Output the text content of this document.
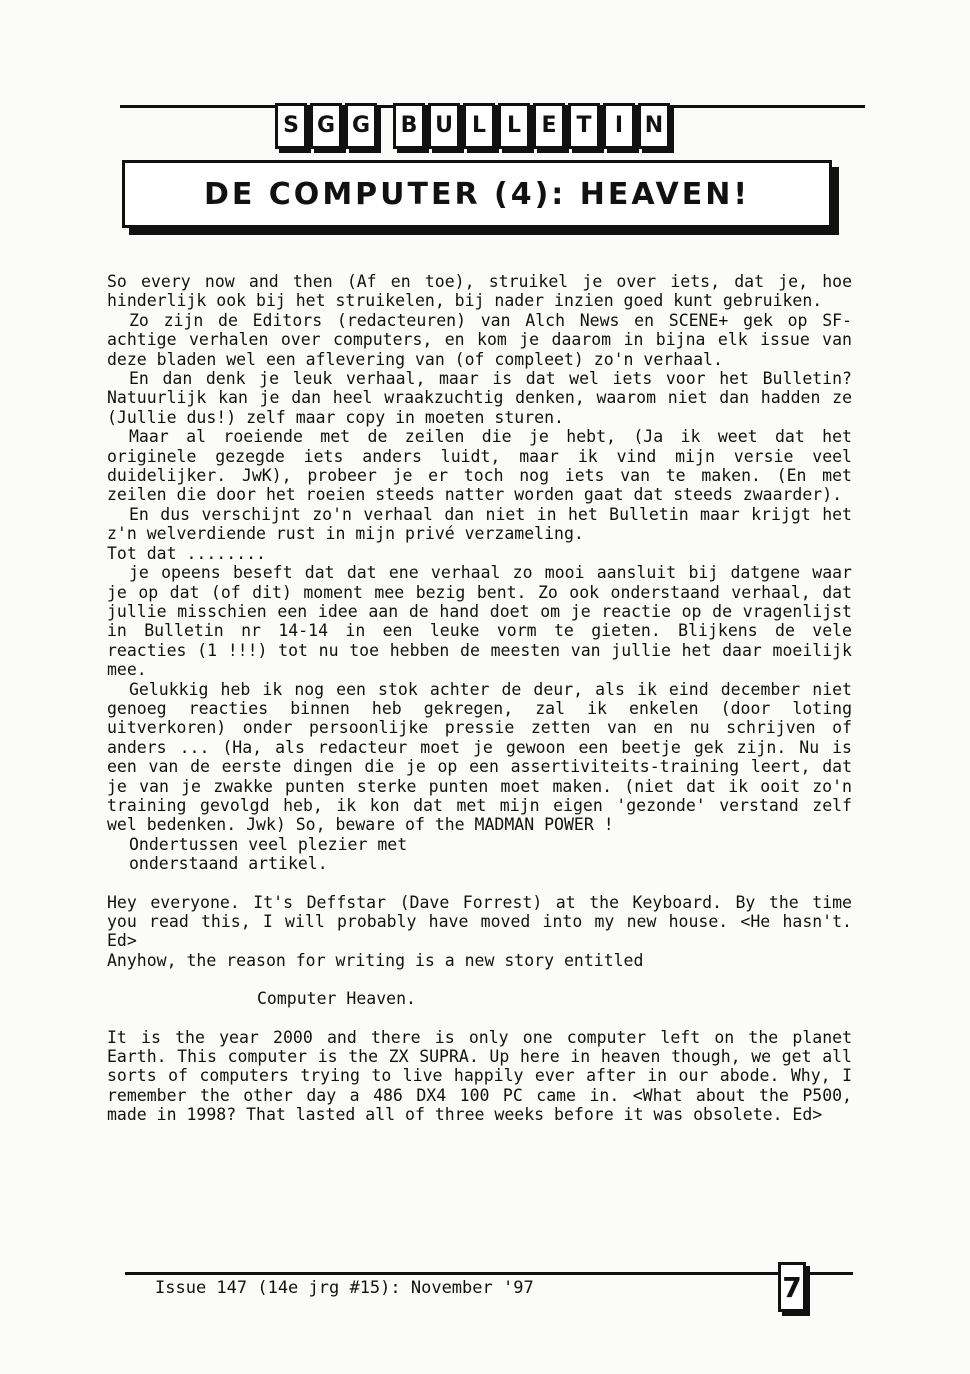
S G G	B U L L E T	I N
DE COMPUTER (4): HEAVEN!

So every now and then (Af en toe), struikel je over iets, dat je, hoe hinderlijk ook bij het struikelen, bij nader inzien goed kunt gebruiken.

Zo zijn de Editors (redacteuren) van Alch News en SCENE+ gek op SF-achtige verhalen over computers, en kom je daarom in bijna elk issue van deze bladen wel een aflevering van (of compleet) zo'n verhaal.

En dan denk je leuk verhaal, maar is dat wel iets voor het Bulletin? Natuurlijk kan je dan heel wraakzuchtig denken, waarom niet dan hadden ze (Jullie dus!) zelf maar copy in moeten sturen.

Maar al roeiende met de zeilen die je hebt, (Ja ik weet dat het originele gezegde iets anders luidt, maar ik vind mijn versie veel duidelijker. JwK), probeer je er toch nog iets van te maken. (En met zeilen die door het roeien steeds natter worden gaat dat steeds zwaarder).

En dus verschijnt zo'n verhaal dan niet in het Bulletin maar krijgt het z'n welverdiende rust in mijn privé verzameling.

Tot dat ........

je opeens beseft dat dat ene verhaal zo mooi aansluit bij datgene waar je op dat (of dit) moment mee bezig bent. Zo ook onderstaand verhaal, dat jullie misschien een idee aan de hand doet om je reactie op de vragenlijst in Bulletin nr 14-14 in een leuke vorm te gieten. Blijkens de vele reacties (1 !!!) tot nu toe hebben de meesten van jullie het daar moeilijk mee.

Gelukkig heb ik nog een stok achter de deur, als ik eind december niet genoeg reacties binnen heb gekregen, zal ik enkelen (door loting uitverkoren) onder persoonlijke pressie zetten van en nu schrijven of anders ... (Ha, als redacteur moet je gewoon een beetje gek zijn. Nu is een van de eerste dingen die je op een assertiviteits-training leert, dat je van je zwakke punten sterke punten moet maken. (niet dat ik ooit zo'n training gevolgd heb, ik kon dat met mijn eigen 'gezonde' verstand zelf wel bedenken. Jwk) So, beware of the MADMAN POWER !

Ondertussen veel plezier met

onderstaand artikel.

Hey everyone. It's Deffstar (Dave Forrest) at the Keyboard. By the time you read this, I will probably have moved into my new house. <He hasn't. Ed>

Anyhow, the reason for writing is a new story entitled

Computer Heaven.

It is the year 2000 and there is only one computer left on the planet Earth. This computer is the ZX SUPRA. Up here in heaven though, we get all sorts of computers trying to live happily ever after in our abode. Why, I remember the other day a 486 DX4 100 PC came in. <What about the P500, made in 1998? That lasted all of three weeks before it was obsolete. Ed>

Issue 147 (14e jrg #15): November '97	7
